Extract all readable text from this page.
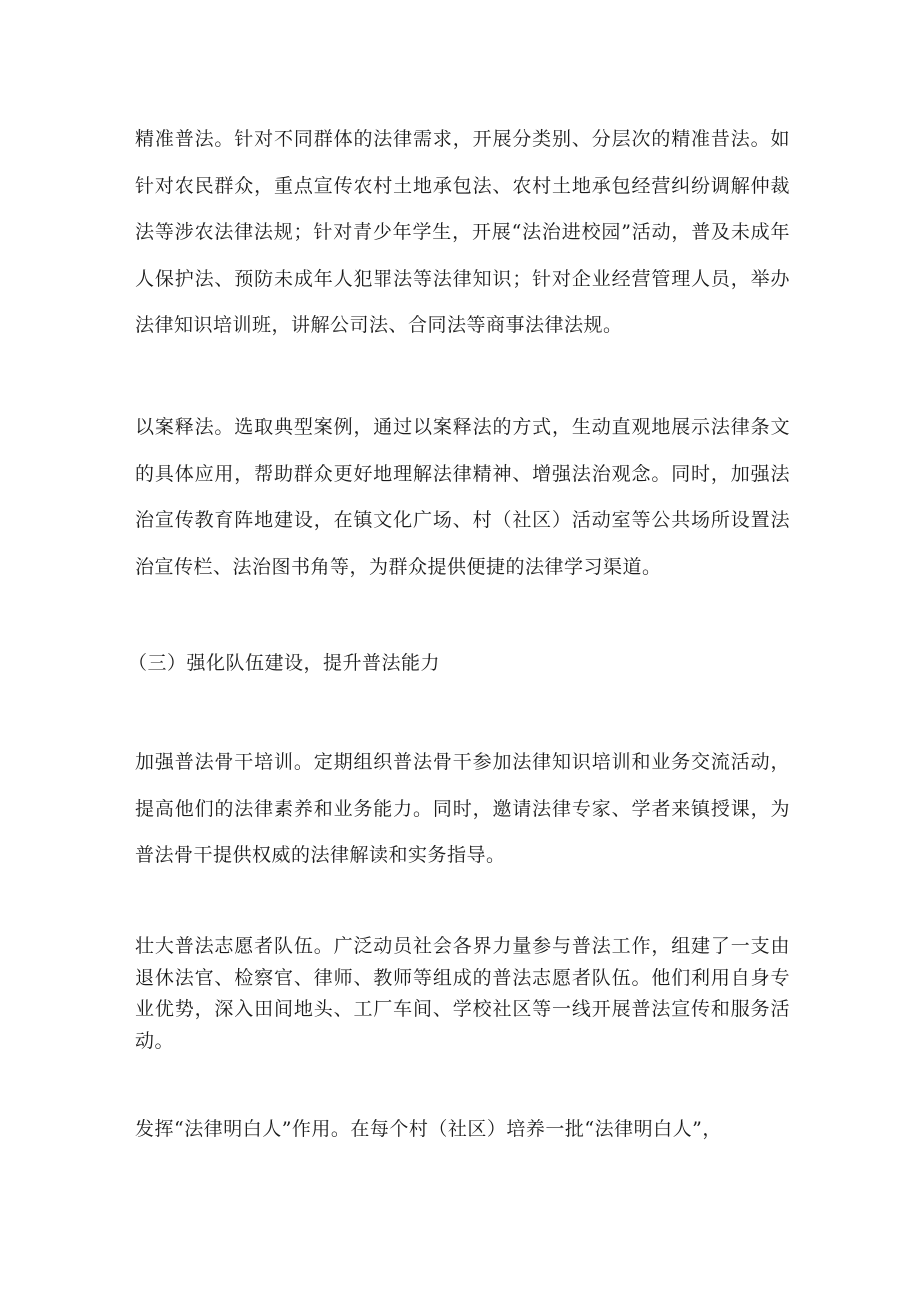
精准普法。针对不同群体的法律需求，开展分类别、分层次的精准昔法。如针对农民群众，重点宣传农村土地承包法、农村土地承包经营纠纷调解仲裁法等涉农法律法规；针对青少年学生，开展“法治进校园”活动，普及未成年人保护法、预防未成年人犯罪法等法律知识；针对企业经营管理人员，举办法律知识培训班，讲解公司法、合同法等商事法律法规。

以案释法。选取典型案例，通过以案释法的方式，生动直观地展示法律条文的具体应用，帮助群众更好地理解法律精神、增强法治观念。同时，加强法治宣传教育阵地建设，在镇文化广场、村（社区）活动室等公共场所设置法治宣传栏、法治图书角等，为群众提供便捷的法律学习渠道。

（三）强化队伍建设，提升普法能力

加强普法骨干培训。定期组织普法骨干参加法律知识培训和业务交流活动，提高他们的法律素养和业务能力。同时，邀请法律专家、学者来镇授课，为普法骨干提供权威的法律解读和实务指导。

壮大普法志愿者队伍。广泛动员社会各界力量参与普法工作，组建了一支由退休法官、检察官、律师、教师等组成的普法志愿者队伍。他们利用自身专业优势，深入田间地头、工厂车间、学校社区等一线开展普法宣传和服务活动。

发挥“法律明白人”作用。在每个村（社区）培养一批“法律明白人”，
